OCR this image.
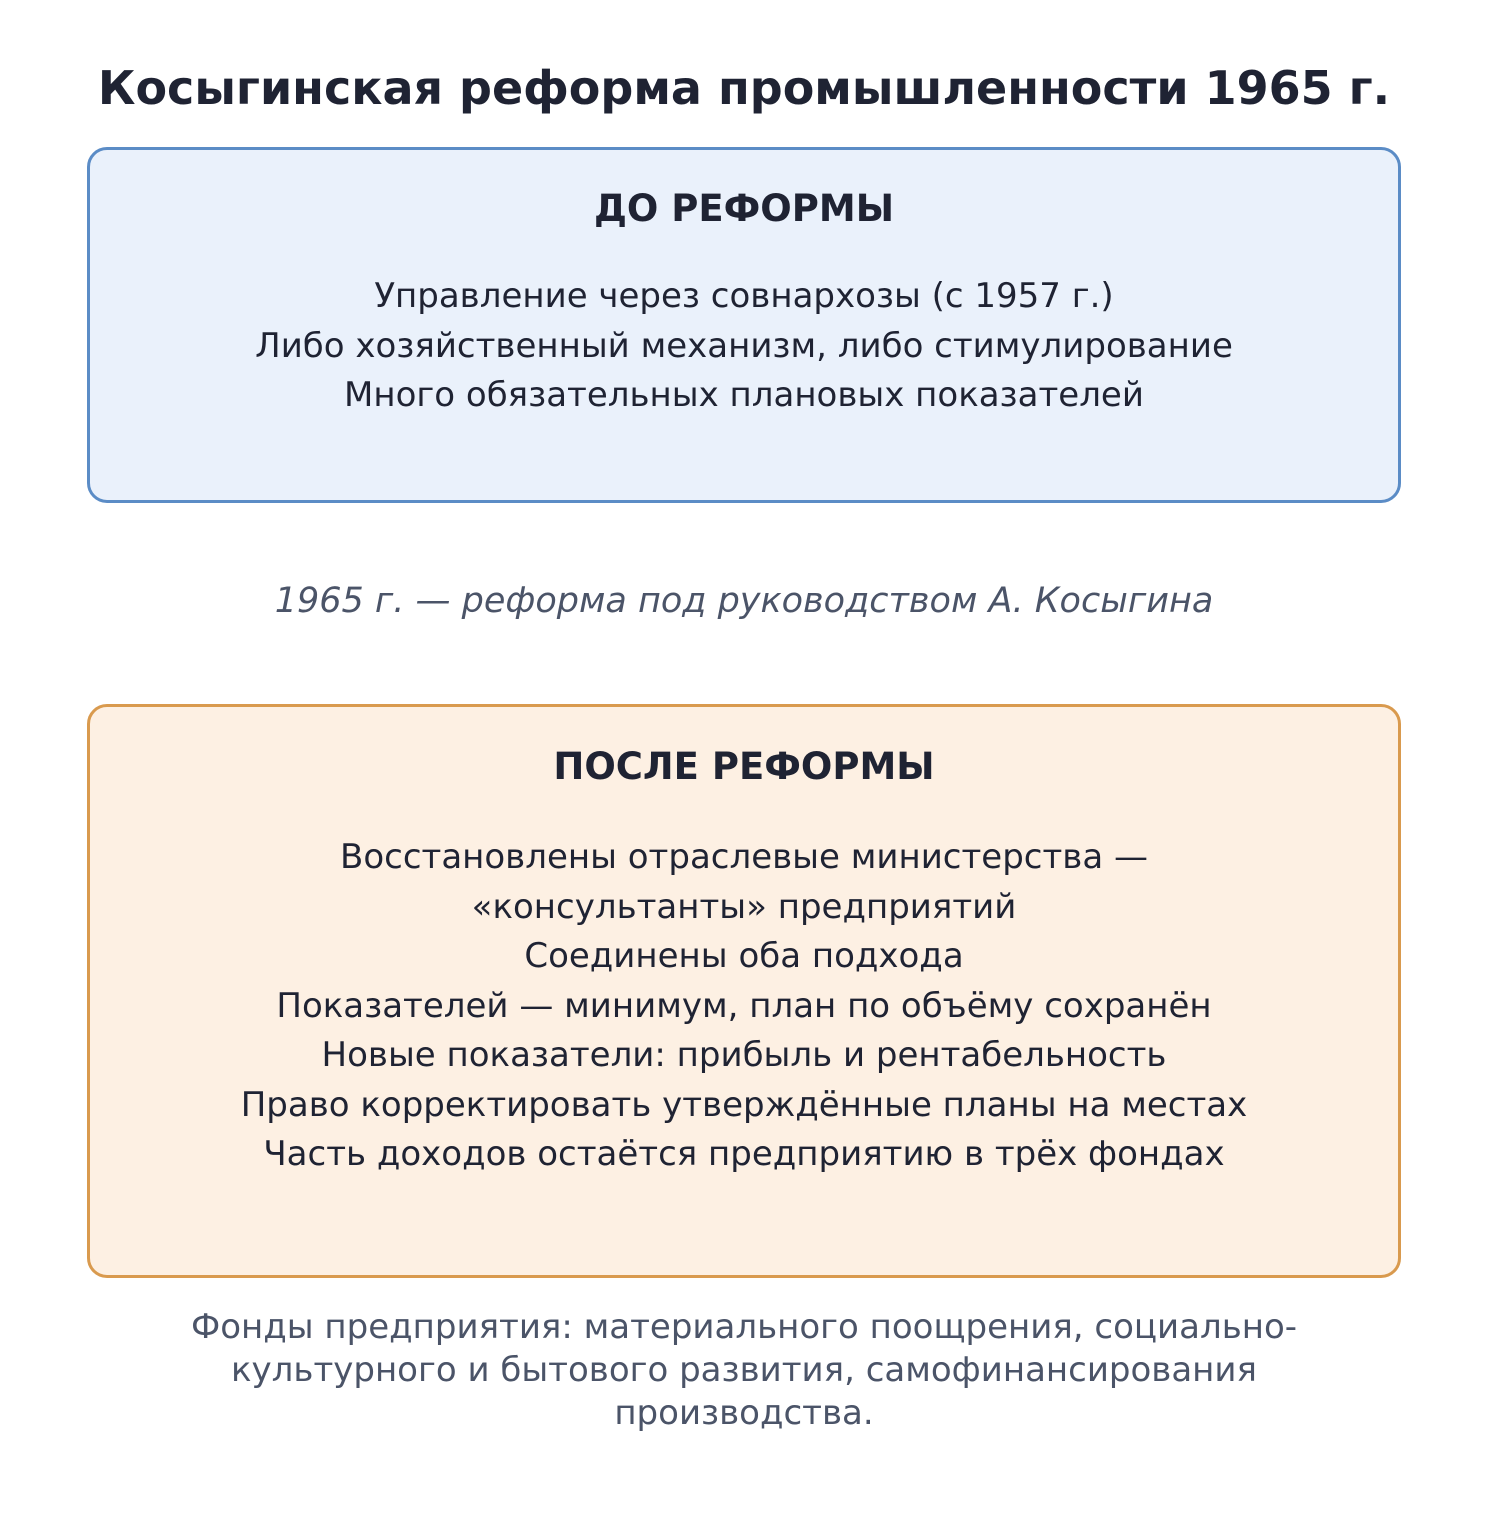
Косыгинская реформа промышленности 1965 г.
ДО РЕФОРМЫ
Управление через совнархозы (с 1957 г.)
Либо хозяйственный механизм, либо стимулирование
Много обязательных плановых показателей
1965 г. — реформа под руководством А. Косыгина
ПОСЛЕ РЕФОРМЫ
Восстановлены отраслевые министерства —
«консультанты» предприятий
Соединены оба подхода
Показателей — минимум, план по объёму сохранён
Новые показатели: прибыль и рентабельность
Право корректировать утверждённые планы на местах
Часть доходов остаётся предприятию в трёх фондах
Фонды предприятия: материального поощрения, социально-культурного и бытового развития, самофинансирования производства.
